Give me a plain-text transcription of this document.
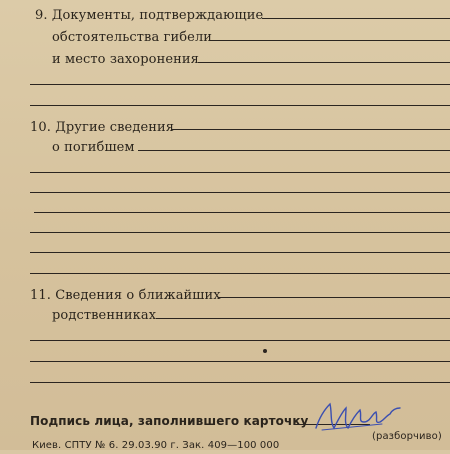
9. Документы, подтверждающие
обстоятельства гибели
и место захоронения
10. Другие сведения
о погибшем
11. Сведения о ближайших
родственниках
Подпись лица, заполнившего карточку
(разборчиво)
Киев. СПТУ № 6. 29.03.90 г. Зак. 409—100 000
